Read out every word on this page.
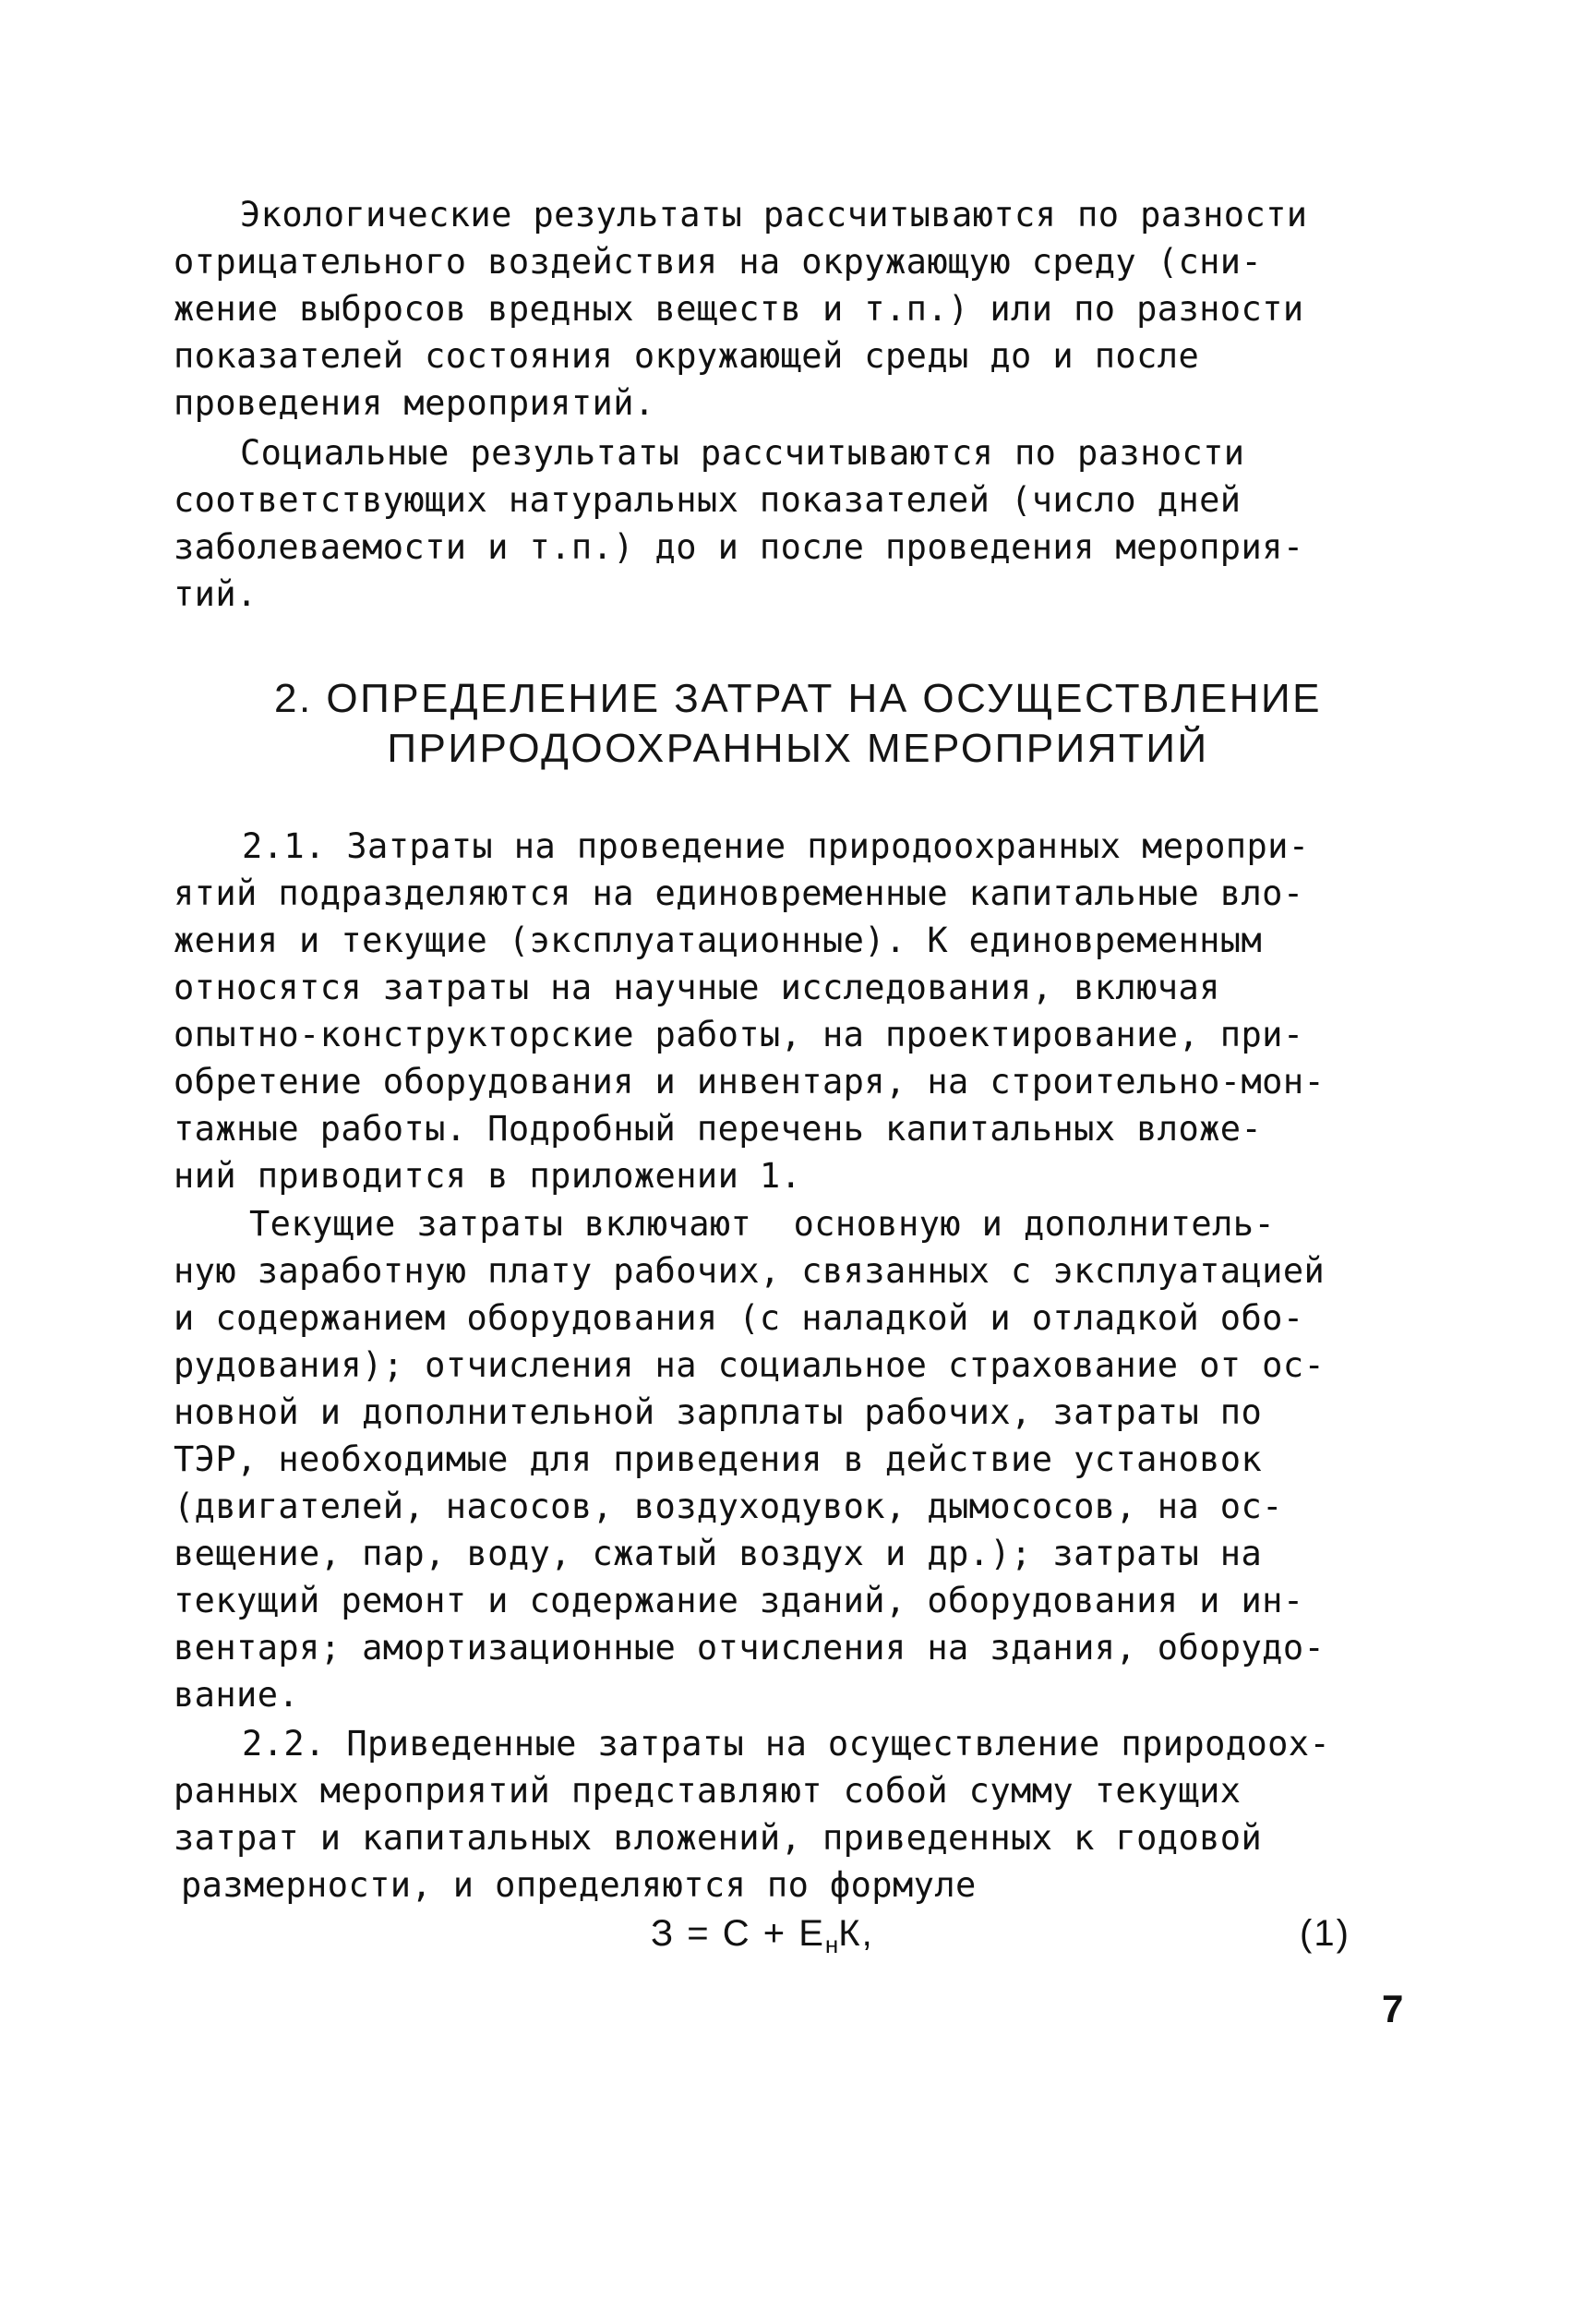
Экологические результаты рассчитываются по разности
отрицательного воздействия на окружающую среду (сни-
жение выбросов вредных веществ и т.п.) или по разности
показателей состояния окружающей среды до и после
проведения мероприятий.
Социальные результаты рассчитываются по разности
соответствующих натуральных показателей (число дней
заболеваемости и т.п.) до и после проведения мероприя-
тий.
2. ОПРЕДЕЛЕНИЕ ЗАТРАТ НА ОСУЩЕСТВЛЕНИЕ
ПРИРОДООХРАННЫХ МЕРОПРИЯТИЙ
2.1. Затраты на проведение природоохранных меропри-
ятий подразделяются на единовременные капитальные вло-
жения и текущие (эксплуатационные). К единовременным
относятся затраты на научные исследования, включая
опытно-конструкторские работы, на проектирование, при-
обретение оборудования и инвентаря, на строительно-мон-
тажные работы. Подробный перечень капитальных вложе-
ний приводится в приложении 1.
Текущие затраты включают  основную и дополнитель-
ную заработную плату рабочих, связанных с эксплуатацией
и содержанием оборудования (с наладкой и отладкой обо-
рудования); отчисления на социальное страхование от ос-
новной и дополнительной зарплаты рабочих, затраты по
ТЭР, необходимые для приведения в действие установок
(двигателей, насосов, воздуходувок, дымососов, на ос-
вещение, пар, воду, сжатый воздух и др.); затраты на
текущий ремонт и содержание зданий, оборудования и ин-
вентаря; амортизационные отчисления на здания, оборудо-
вание.
2.2. Приведенные затраты на осуществление природоох-
ранных мероприятий представляют собой сумму текущих
затрат и капитальных вложений, приведенных к годовой
размерности, и определяются по формуле
$З = С + Е_нК$,	(1)
7
